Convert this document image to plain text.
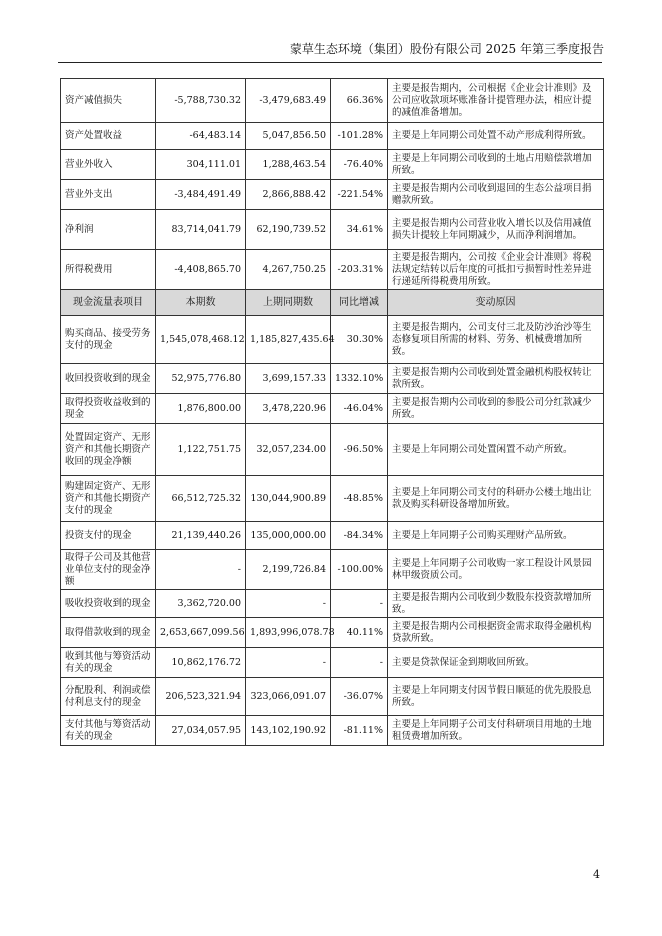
蒙草生态环境（集团）股份有限公司 2025 年第三季度报告
资产减值损失	-5,788,730.32	-3,479,683.49	66.36%	主要是报告期内，公司根据《企业会计准则》及公司应收款项坏账准备计提管理办法，相应计提的减值准备增加。
资产处置收益	-64,483.14	5,047,856.50	-101.28%	主要是上年同期公司处置不动产形成利得所致。
营业外收入	304,111.01	1,288,463.54	-76.40%	主要是上年同期公司收到的土地占用赔偿款增加所致。
营业外支出	-3,484,491.49	2,866,888.42	-221.54%	主要是报告期内公司收到退回的生态公益项目捐赠款所致。
净利润	83,714,041.79	62,190,739.52	34.61%	主要是报告期内公司营业收入增长以及信用减值损失计提较上年同期减少，从而净利润增加。
所得税费用	-4,408,865.70	4,267,750.25	-203.31%	主要是报告期内，公司按《企业会计准则》将税法规定结转以后年度的可抵扣亏损暂时性差异进行递延所得税费用所致。
现金流量表项目	本期数	上期同期数	同比增减	变动原因
购买商品、接受劳务支付的现金	1,545,078,468.12	1,185,827,435.64	30.30%	主要是报告期内，公司支付三北及防沙治沙等生态修复项目所需的材料、劳务、机械费增加所致。
收回投资收到的现金	52,975,776.80	3,699,157.33	1332.10%	主要是报告期内公司收到处置金融机构股权转让款所致。
取得投资收益收到的现金	1,876,800.00	3,478,220.96	-46.04%	主要是报告期内公司收到的参股公司分红款减少所致。
处置固定资产、无形资产和其他长期资产收回的现金净额	1,122,751.75	32,057,234.00	-96.50%	主要是上年同期公司处置闲置不动产所致。
购建固定资产、无形资产和其他长期资产支付的现金	66,512,725.32	130,044,900.89	-48.85%	主要是上年同期公司支付的科研办公楼土地出让款及购买科研设备增加所致。
投资支付的现金	21,139,440.26	135,000,000.00	-84.34%	主要是上年同期子公司购买理财产品所致。
取得子公司及其他营业单位支付的现金净额	-	2,199,726.84	-100.00%	主要是上年同期子公司收购一家工程设计风景园林甲级资质公司。
吸收投资收到的现金	3,362,720.00	-	-	主要是报告期内公司收到少数股东投资款增加所致。
取得借款收到的现金	2,653,667,099.56	1,893,996,078.78	40.11%	主要是报告期内公司根据资金需求取得金融机构贷款所致。
收到其他与筹资活动有关的现金	10,862,176.72	-	-	主要是贷款保证金到期收回所致。
分配股利、利润或偿付利息支付的现金	206,523,321.94	323,066,091.07	-36.07%	主要是上年同期支付因节假日顺延的优先股股息所致。
支付其他与筹资活动有关的现金	27,034,057.95	143,102,190.92	-81.11%	主要是上年同期子公司支付科研项目用地的土地租赁费增加所致。
4
